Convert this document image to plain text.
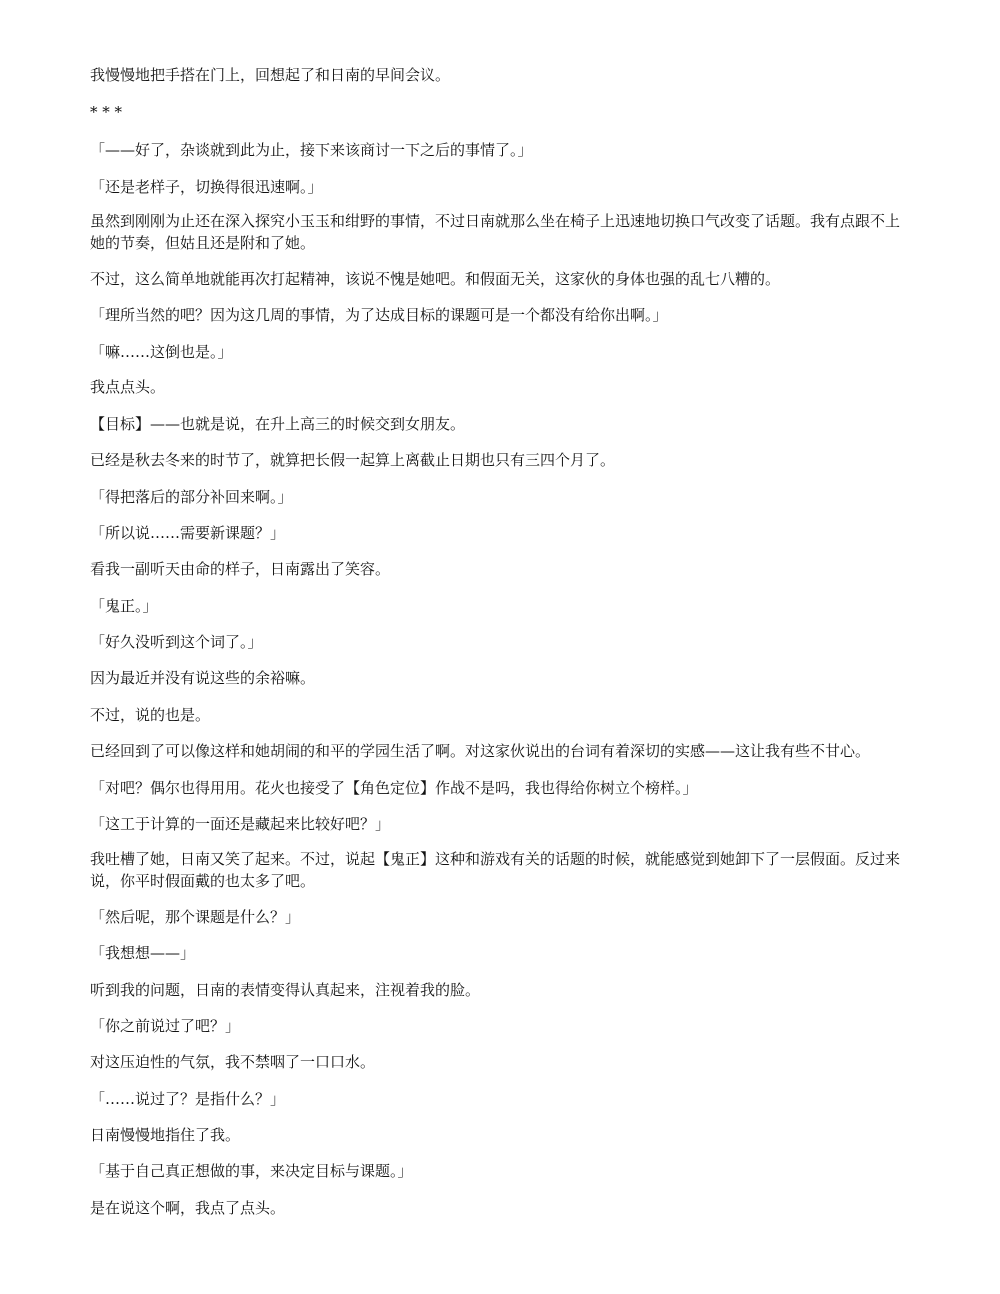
我慢慢地把手搭在门上，回想起了和日南的早间会议。

* * *

「——好了，杂谈就到此为止，接下来该商讨一下之后的事情了。」

「还是老样子，切换得很迅速啊。」

虽然到刚刚为止还在深入探究小玉玉和绀野的事情，不过日南就那么坐在椅子上迅速地切换口气改变了话题。我有点跟不上她的节奏，但姑且还是附和了她。

不过，这么简单地就能再次打起精神，该说不愧是她吧。和假面无关，这家伙的身体也强的乱七八糟的。

「理所当然的吧？因为这几周的事情，为了达成目标的课题可是一个都没有给你出啊。」

「嘛……这倒也是。」

我点点头。

【目标】——也就是说，在升上高三的时候交到女朋友。

已经是秋去冬来的时节了，就算把长假一起算上离截止日期也只有三四个月了。

「得把落后的部分补回来啊。」

「所以说……需要新课题？」

看我一副听天由命的样子，日南露出了笑容。

「鬼正。」

「好久没听到这个词了。」

因为最近并没有说这些的余裕嘛。

不过，说的也是。

已经回到了可以像这样和她胡闹的和平的学园生活了啊。对这家伙说出的台词有着深切的实感——这让我有些不甘心。

「对吧？偶尔也得用用。花火也接受了【角色定位】作战不是吗，我也得给你树立个榜样。」

「这工于计算的一面还是藏起来比较好吧？」

我吐槽了她，日南又笑了起来。不过，说起【鬼正】这种和游戏有关的话题的时候，就能感觉到她卸下了一层假面。反过来说，你平时假面戴的也太多了吧。

「然后呢，那个课题是什么？」

「我想想——」

听到我的问题，日南的表情变得认真起来，注视着我的脸。

「你之前说过了吧？」

对这压迫性的气氛，我不禁咽了一口口水。

「……说过了？是指什么？」

日南慢慢地指住了我。

「基于自己真正想做的事，来决定目标与课题。」

是在说这个啊，我点了点头。
